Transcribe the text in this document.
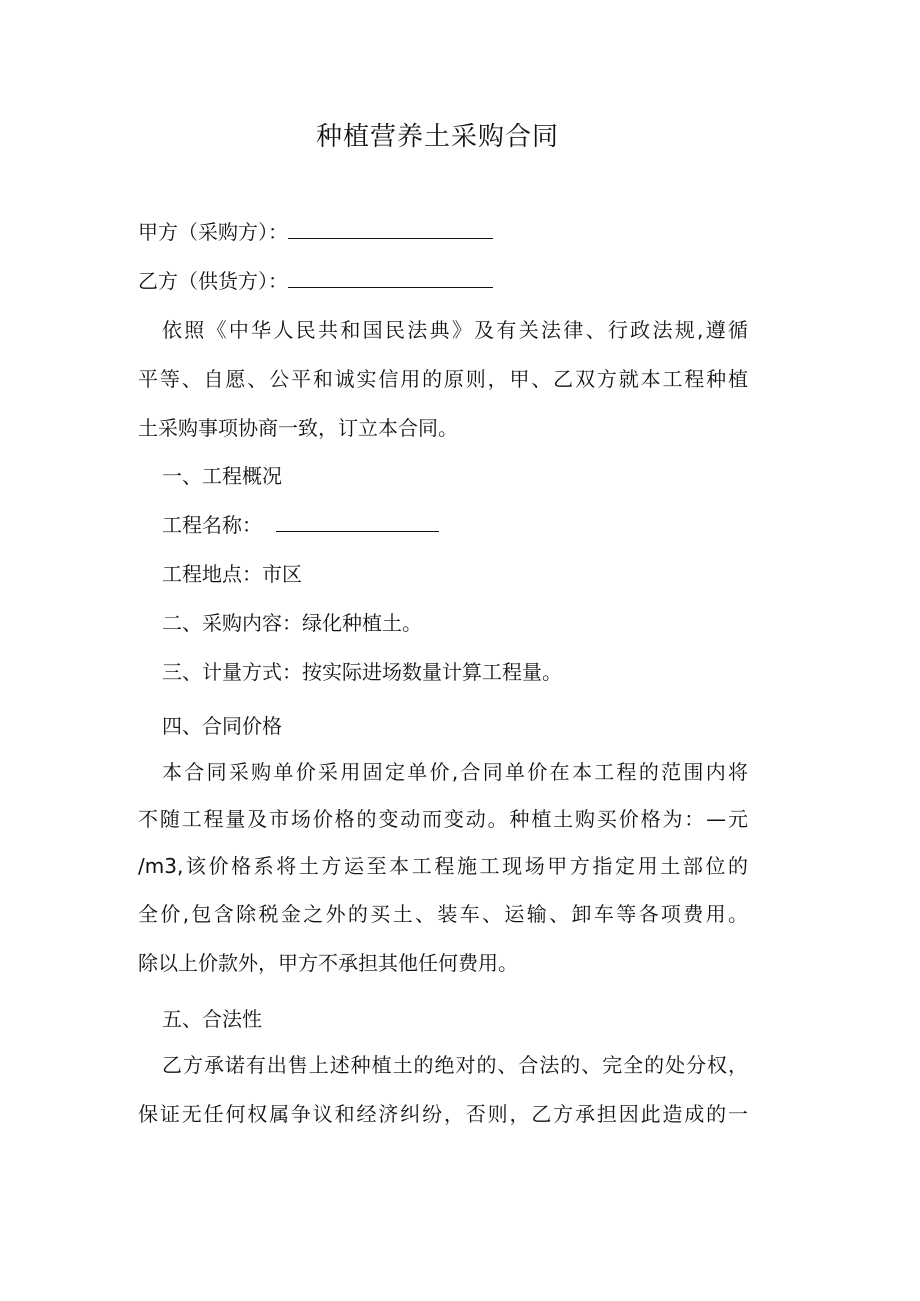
种植营养土采购合同
甲方（采购方）：
乙方（供货方）：
依照《中华人民共和国民法典》及有关法律、行政法规,遵循
平等、自愿、公平和诚实信用的原则，甲、乙双方就本工程种植
土采购事项协商一致，订立本合同。
一、工程概况
工程名称：
工程地点：市区
二、采购内容：绿化种植土。
三、计量方式：按实际进场数量计算工程量。
四、合同价格
本合同采购单价采用固定单价,合同单价在本工程的范围内将
不随工程量及市场价格的变动而变动。种植土购买价格为：—元
/m3,该价格系将土方运至本工程施工现场甲方指定用土部位的
全价,包含除税金之外的买土、装车、运输、卸车等各项费用。
除以上价款外，甲方不承担其他任何费用。
五、合法性
乙方承诺有出售上述种植土的绝对的、合法的、完全的处分权，
保证无任何权属争议和经济纠纷，否则，乙方承担因此造成的一
